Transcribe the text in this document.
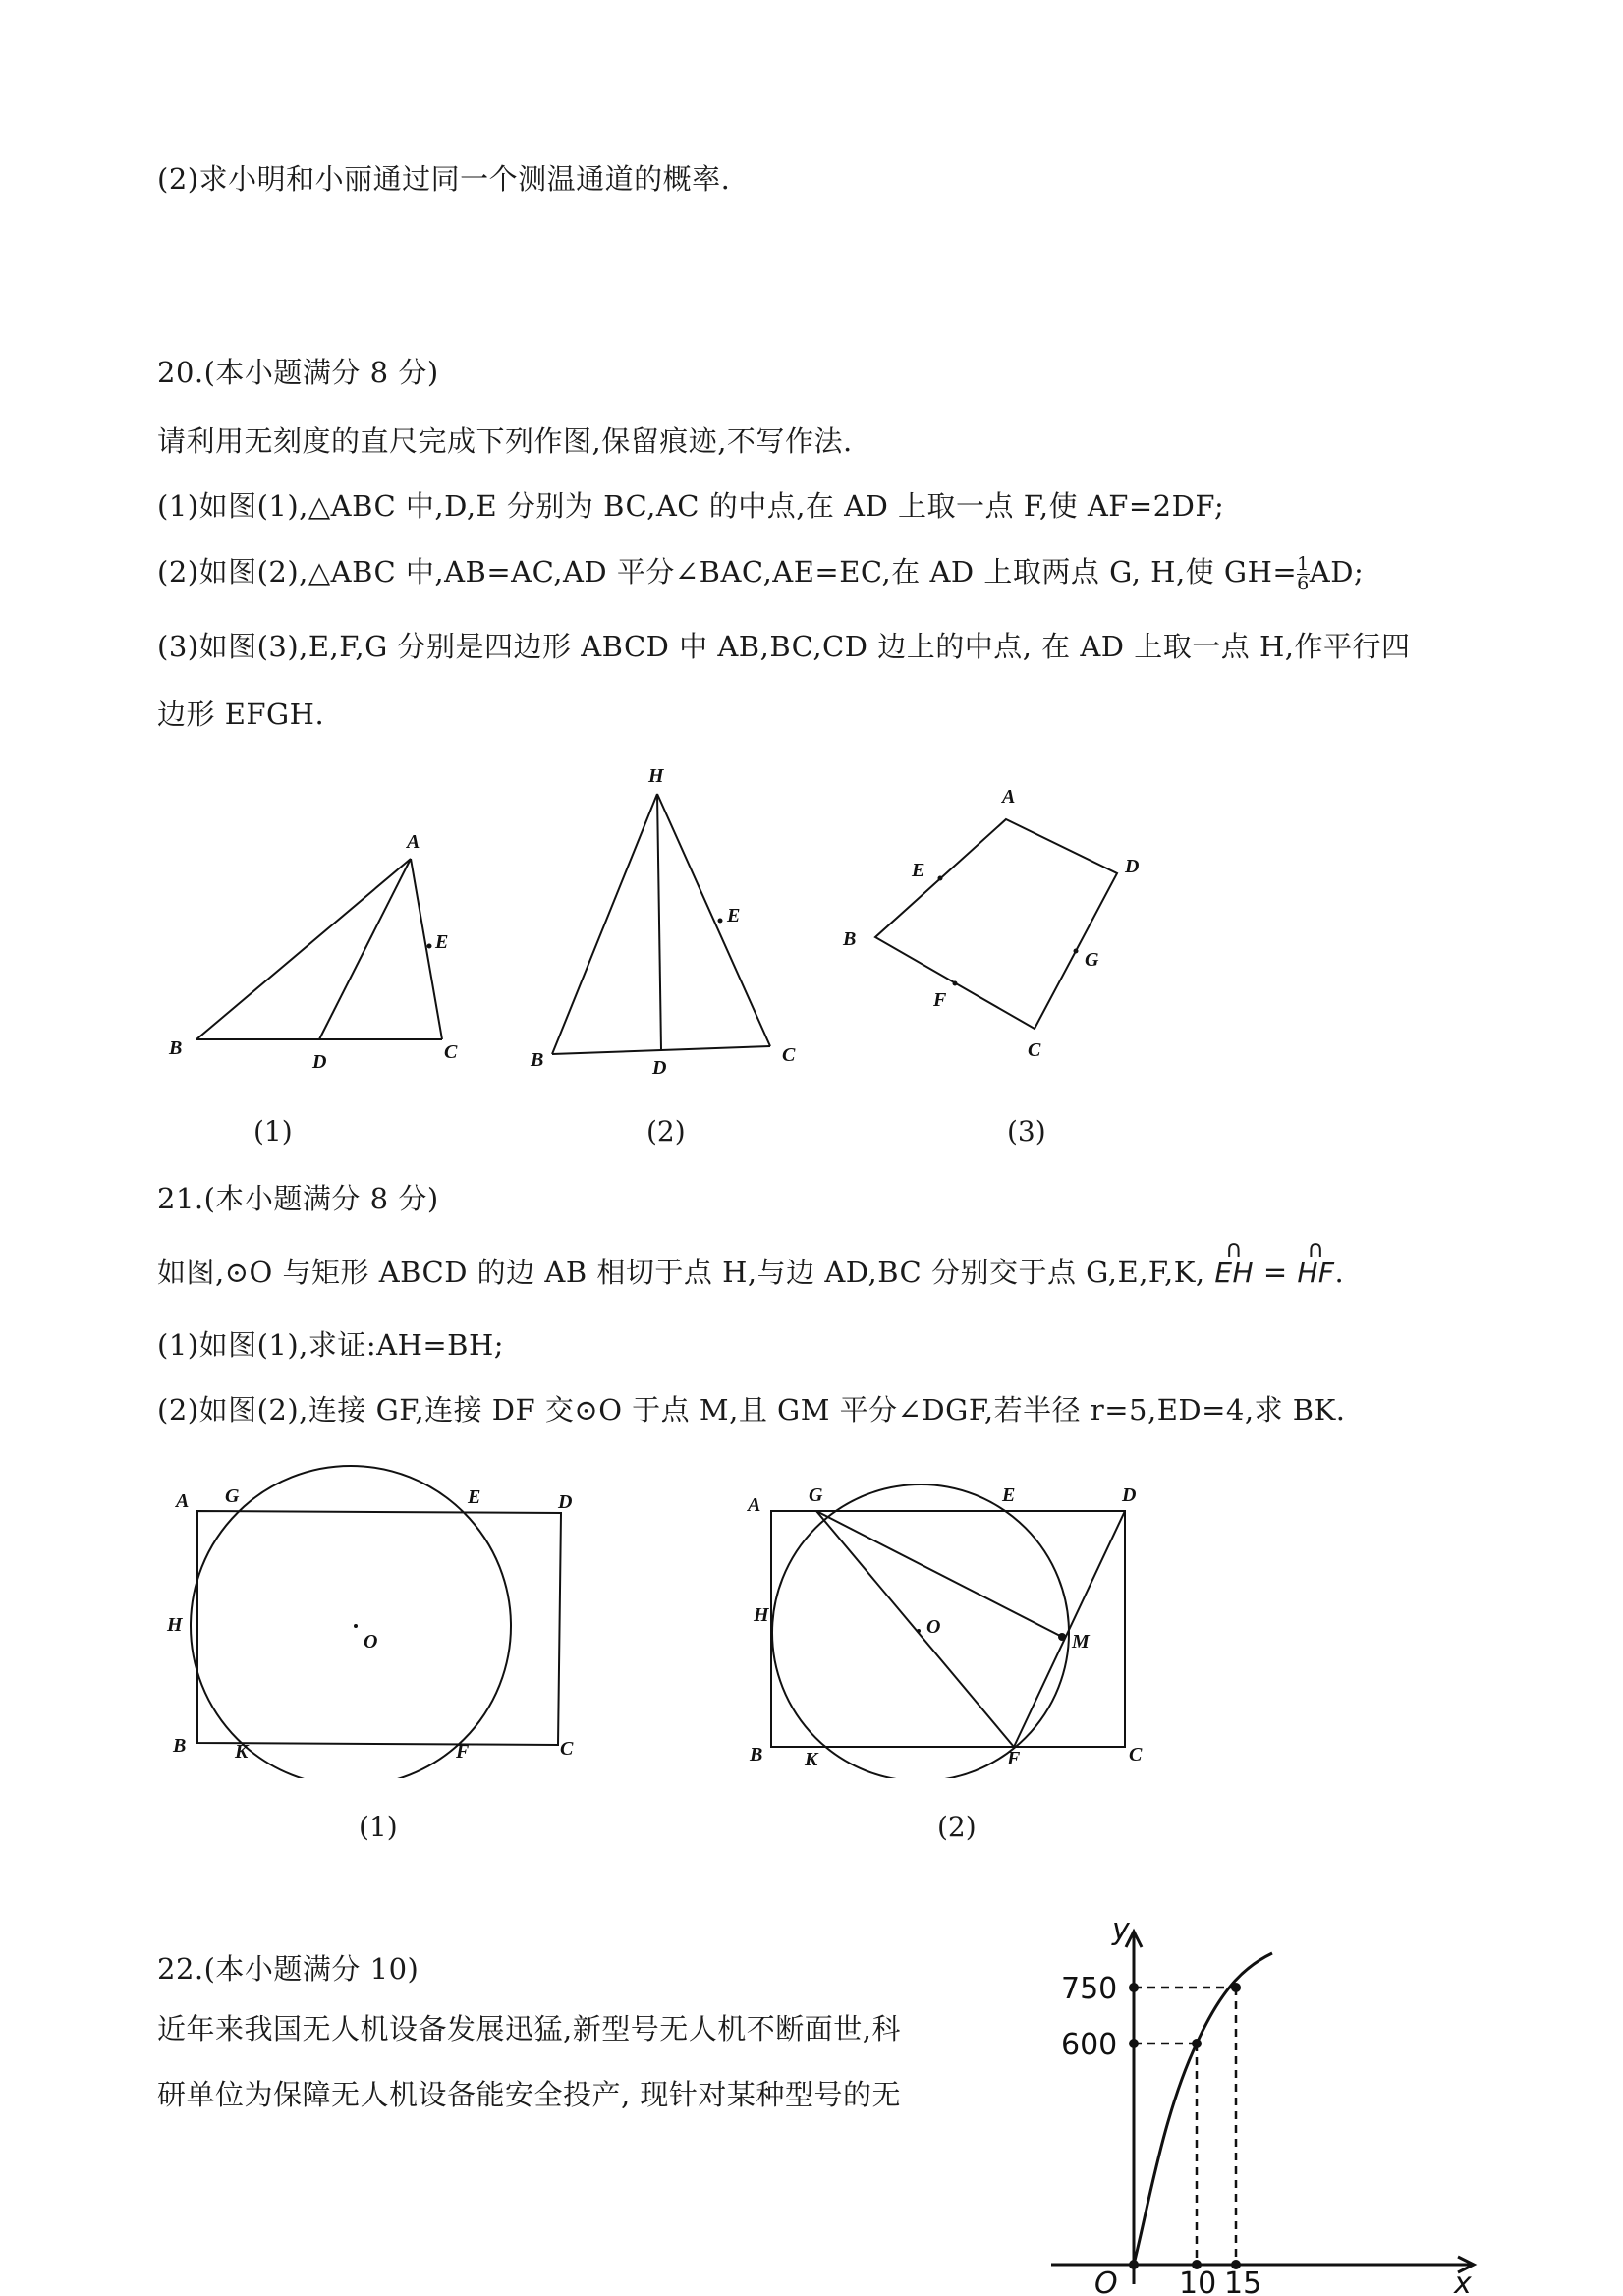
(2)求小明和小丽通过同一个测温通道的概率.
20.(本小题满分 8 分)
请利用无刻度的直尺完成下列作图,保留痕迹,不写作法.
(1)如图(1),△ABC 中,D,E 分别为 BC,AC 的中点,在 AD 上取一点 F,使 AF=2DF;
(2)如图(2),△ABC 中,AB=AC,AD 平分∠BAC,AE=EC,在 AD 上取两点 G, H,使 $GH= \frac{1}{6}$ AD;
(3)如图(3),E,F,G 分别是四边形 ABCD 中 AB,BC,CD 边上的中点, 在 AD 上取一点 H,作平行四
边形 EFGH.
A
B	C
D
E
H
B	C
D
E
A
B
C
D
E
F
G
(1)	(2)	(3)
21.(本小题满分 8 分)
如图,⊙O 与矩形 ABCD 的边 AB 相切于点 H,与边 AD,BC 分别交于点 G,E,F,K,
∩
EH =
∩
HF.
(1)如图(1),求证:AH=BH;
(2)如图(2),连接 GF,连接 DF 交⊙O 于点 M,且 GM 平分∠DGF,若半径 r=5,ED=4,求 BK.
A G	E	D
H
O
B K	F	C
A G	E	D
H
O
M
B K	F	C
(1)	(2)
22.(本小题满分 10)
近年来我国无人机设备发展迅猛,新型号无人机不断面世,科
研单位为保障无人机设备能安全投产, 现针对某种型号的无
y
750
600
O 10 15	x
